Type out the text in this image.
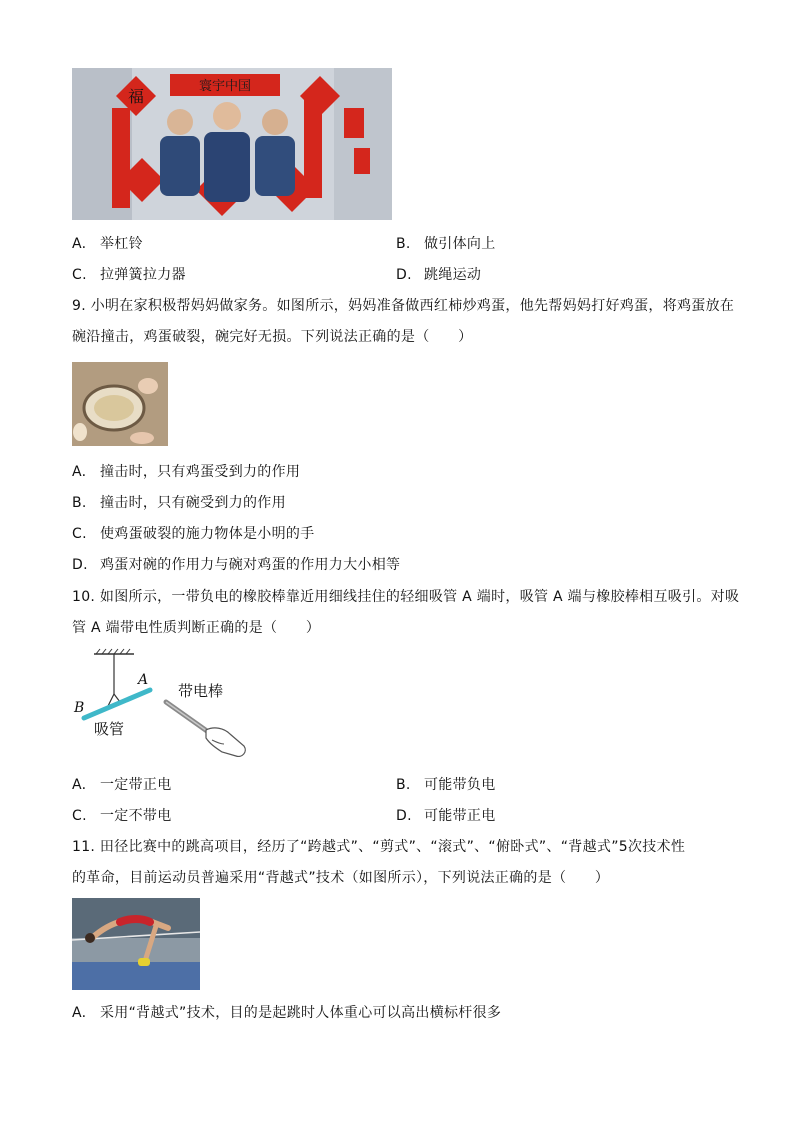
寰宇中国
福
A. 举杠铃	B. 做引体向上
C. 拉弹簧拉力器	D. 跳绳运动
9. 小明在家积极帮妈妈做家务。如图所示，妈妈准备做西红柿炒鸡蛋，他先帮妈妈打好鸡蛋，将鸡蛋放在
碗沿撞击，鸡蛋破裂，碗完好无损。下列说法正确的是（　　）
A. 撞击时，只有鸡蛋受到力的作用
B. 撞击时，只有碗受到力的作用
C. 使鸡蛋破裂的施力物体是小明的手
D. 鸡蛋对碗的作用力与碗对鸡蛋的作用力大小相等
10. 如图所示，一带负电的橡胶棒靠近用细线挂住的轻细吸管 A 端时，吸管 A 端与橡胶棒相互吸引。对吸
管 A 端带电性质判断正确的是（　　）
A
B
吸管
带电棒
A. 一定带正电	B. 可能带负电
C. 一定不带电	D. 可能带正电
11. 田径比赛中的跳高项目，经历了“跨越式”、“剪式”、“滚式”、“俯卧式”、“背越式”5次技术性
的革命，目前运动员普遍采用“背越式”技术（如图所示），下列说法正确的是（　　）
A. 采用“背越式”技术，目的是起跳时人体重心可以高出横标杆很多
